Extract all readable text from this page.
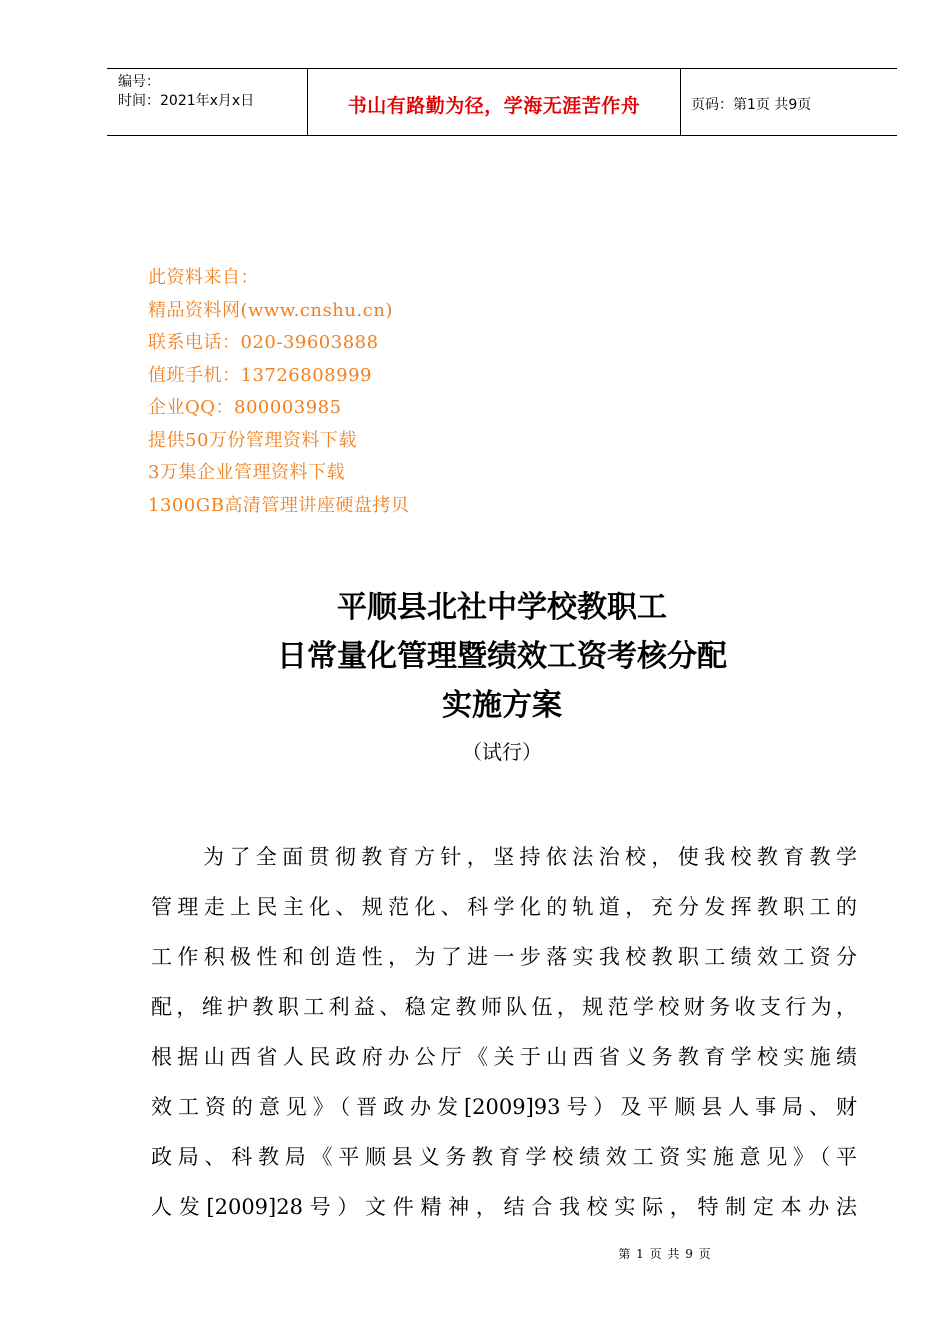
编号：
时间：2021年x月x日	书山有路勤为径，学海无涯苦作舟	页码：第1页 共9页
此资料来自：
精品资料网(www.cnshu.cn)
联系电话：020-39603888
值班手机：13726808999
企业QQ：800003985
提供50万份管理资料下载
3万集企业管理资料下载
1300GB高清管理讲座硬盘拷贝
平顺县北社中学校教职工
日常量化管理暨绩效工资考核分配
实施方案
（试行）
为了全面贯彻教育方针，坚持依法治校，使我校教育教学
管理走上民主化、规范化、科学化的轨道，充分发挥教职工的
工作积极性和创造性，为了进一步落实我校教职工绩效工资分
配，维护教职工利益、稳定教师队伍，规范学校财务收支行为，
根据山西省人民政府办公厅《关于山西省义务教育学校实施绩
效工资的意见》（晋政办发[2009]93号）及平顺县人事局、财
政局、科教局《平顺县义务教育学校绩效工资实施意见》（平
人发[2009]28号）文件精神，结合我校实际，特制定本办法
第 1 页 共 9 页
